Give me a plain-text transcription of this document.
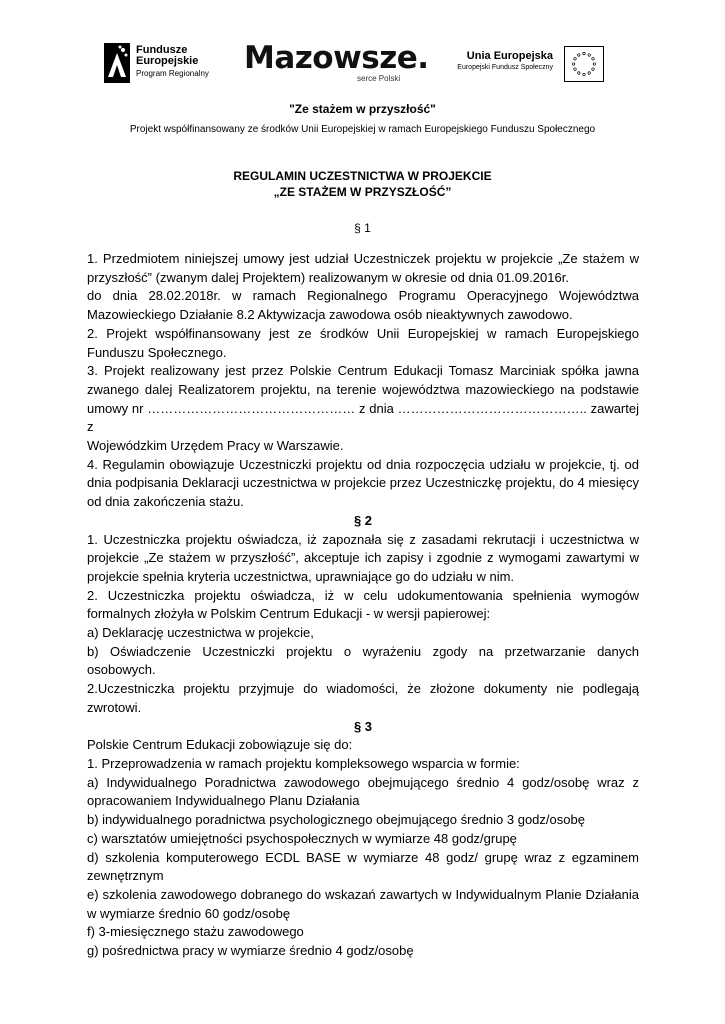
Fundusze
Europejskie
Program Regionalny Mazowsze.
serce Polski
Unia Europejska
Europejski Fundusz Społeczny
"Ze stażem w przyszłość"
Projekt współfinansowany ze środków Unii Europejskiej w ramach Europejskiego Funduszu Społecznego
REGULAMIN UCZESTNICTWA W PROJEKCIE
„ZE STAŻEM W PRZYSZŁOŚĆ”
§ 1

1. Przedmiotem niniejszej umowy jest udział Uczestniczek projektu w projekcie „Ze stażem w przyszłość” (zwanym dalej Projektem) realizowanym w okresie od dnia 01.09.2016r.

do dnia 28.02.2018r. w ramach Regionalnego Programu Operacyjnego Województwa Mazowieckiego Działanie 8.2 Aktywizacja zawodowa osób nieaktywnych zawodowo.

2. Projekt współfinansowany jest ze środków Unii Europejskiej w ramach Europejskiego Funduszu Społecznego.

3. Projekt realizowany jest przez Polskie Centrum Edukacji Tomasz Marciniak spółka jawna zwanego dalej Realizatorem projektu, na terenie województwa mazowieckiego na podstawie

umowy nr ………………………………………… z dnia …………………………………….. zawartej z

Wojewódzkim Urzędem Pracy w Warszawie.

4. Regulamin obowiązuje Uczestniczki projektu od dnia rozpoczęcia udziału w projekcie, tj. od dnia podpisania Deklaracji uczestnictwa w projekcie przez Uczestniczkę projektu, do 4 miesięcy od dnia zakończenia stażu.

§ 2

1. Uczestniczka projektu oświadcza, iż zapoznała się z zasadami rekrutacji i uczestnictwa w projekcie „Ze stażem w przyszłość”, akceptuje ich zapisy i zgodnie z wymogami zawartymi w projekcie spełnia kryteria uczestnictwa, uprawniające go do udziału w nim.

2. Uczestniczka projektu oświadcza, iż w celu udokumentowania spełnienia wymogów formalnych złożyła w Polskim Centrum Edukacji - w wersji papierowej:

a) Deklarację uczestnictwa w projekcie,

b) Oświadczenie Uczestniczki projektu o wyrażeniu zgody na przetwarzanie danych osobowych.

2.Uczestniczka projektu przyjmuje do wiadomości, że złożone dokumenty nie podlegają zwrotowi.

§ 3

Polskie Centrum Edukacji zobowiązuje się do:

1. Przeprowadzenia w ramach projektu kompleksowego wsparcia w formie:

a) Indywidualnego Poradnictwa zawodowego obejmującego średnio 4 godz/osobę wraz z opracowaniem Indywidualnego Planu Działania

b) indywidualnego poradnictwa psychologicznego obejmującego średnio 3 godz/osobę

c) warsztatów umiejętności psychospołecznych w wymiarze 48 godz/grupę

d) szkolenia komputerowego ECDL BASE w wymiarze 48 godz/ grupę wraz z egzaminem zewnętrznym

e) szkolenia zawodowego dobranego do wskazań zawartych w Indywidualnym Planie Działania w wymiarze średnio 60 godz/osobę

f) 3-miesięcznego stażu zawodowego

g) pośrednictwa pracy w wymiarze średnio 4 godz/osobę
